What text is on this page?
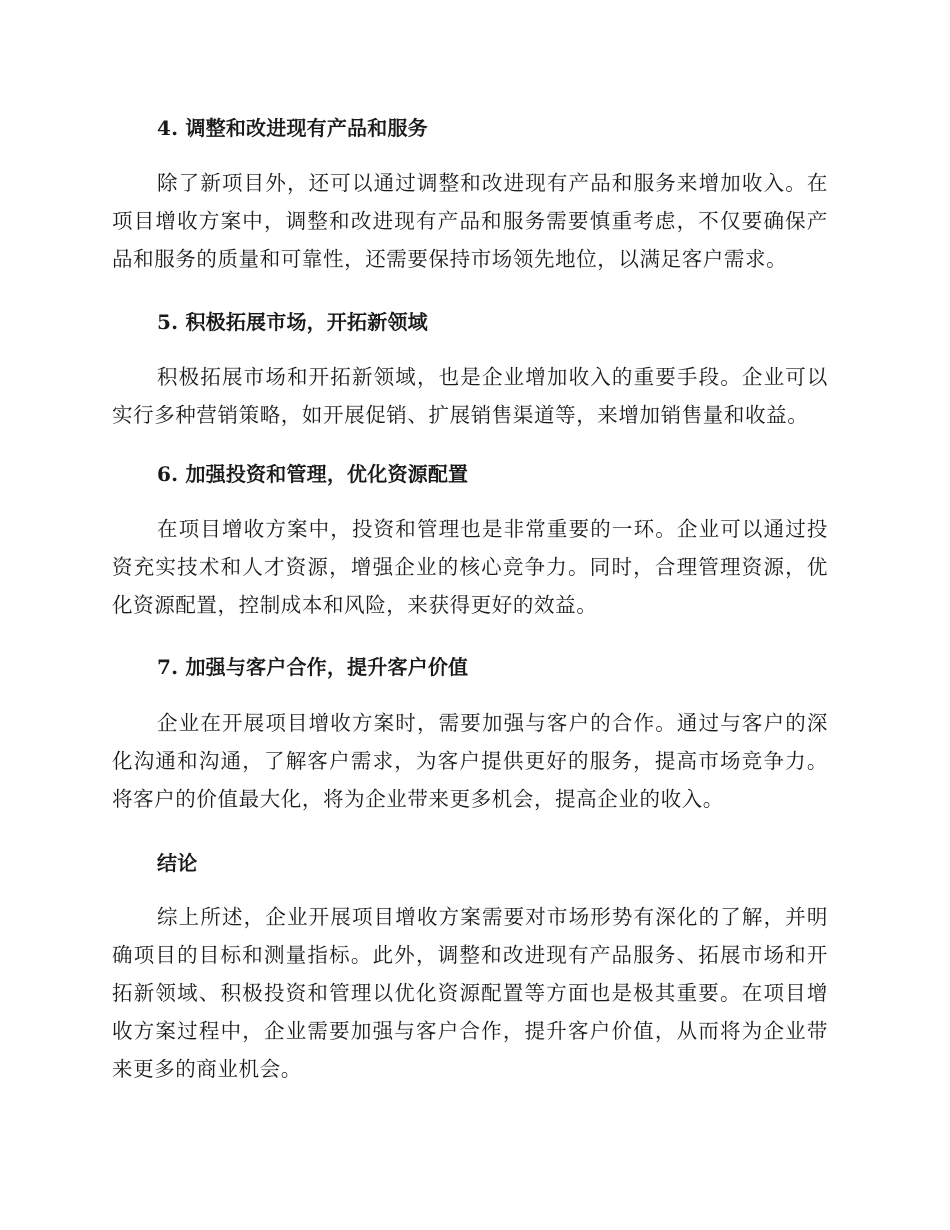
4. 调整和改进现有产品和服务

除了新项目外，还可以通过调整和改进现有产品和服务来增加收入。在项目增收方案中，调整和改进现有产品和服务需要慎重考虑，不仅要确保产品和服务的质量和可靠性，还需要保持市场领先地位，以满足客户需求。

5. 积极拓展市场，开拓新领域

积极拓展市场和开拓新领域，也是企业增加收入的重要手段。企业可以实行多种营销策略，如开展促销、扩展销售渠道等，来增加销售量和收益。

6. 加强投资和管理，优化资源配置

在项目增收方案中，投资和管理也是非常重要的一环。企业可以通过投资充实技术和人才资源，增强企业的核心竞争力。同时，合理管理资源，优化资源配置，控制成本和风险，来获得更好的效益。

7. 加强与客户合作，提升客户价值

企业在开展项目增收方案时，需要加强与客户的合作。通过与客户的深化沟通和沟通，了解客户需求，为客户提供更好的服务，提高市场竞争力。将客户的价值最大化，将为企业带来更多机会，提高企业的收入。

结论

综上所述，企业开展项目增收方案需要对市场形势有深化的了解，并明确项目的目标和测量指标。此外，调整和改进现有产品服务、拓展市场和开拓新领域、积极投资和管理以优化资源配置等方面也是极其重要。在项目增收方案过程中，企业需要加强与客户合作，提升客户价值，从而将为企业带来更多的商业机会。
